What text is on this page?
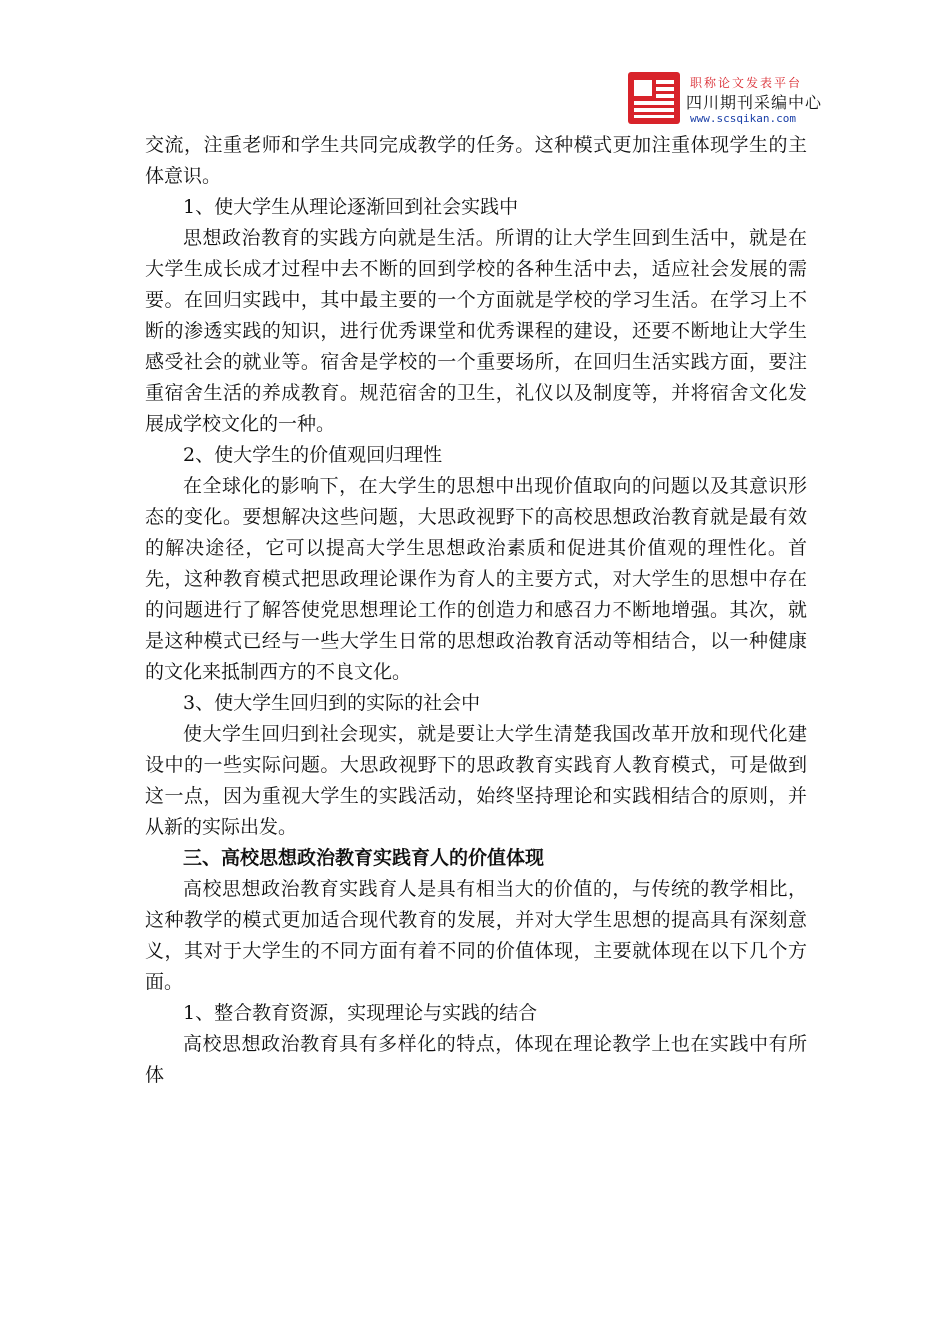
职称论文发表平台
四川期刊采编中心
www.scsqikan.com

交流，注重老师和学生共同完成教学的任务。这种模式更加注重体现学生的主体意识。

1、使大学生从理论逐渐回到社会实践中

思想政治教育的实践方向就是生活。所谓的让大学生回到生活中，就是在大学生成长成才过程中去不断的回到学校的各种生活中去，适应社会发展的需要。在回归实践中，其中最主要的一个方面就是学校的学习生活。在学习上不断的渗透实践的知识，进行优秀课堂和优秀课程的建设，还要不断地让大学生感受社会的就业等。宿舍是学校的一个重要场所，在回归生活实践方面，要注重宿舍生活的养成教育。规范宿舍的卫生，礼仪以及制度等，并将宿舍文化发展成学校文化的一种。

2、使大学生的价值观回归理性

在全球化的影响下，在大学生的思想中出现价值取向的问题以及其意识形态的变化。要想解决这些问题，大思政视野下的高校思想政治教育就是最有效的解决途径，它可以提高大学生思想政治素质和促进其价值观的理性化。首先，这种教育模式把思政理论课作为育人的主要方式，对大学生的思想中存在的问题进行了解答使党思想理论工作的创造力和感召力不断地增强。其次，就是这种模式已经与一些大学生日常的思想政治教育活动等相结合，以一种健康的文化来抵制西方的不良文化。

3、使大学生回归到的实际的社会中

使大学生回归到社会现实，就是要让大学生清楚我国改革开放和现代化建设中的一些实际问题。大思政视野下的思政教育实践育人教育模式，可是做到这一点，因为重视大学生的实践活动，始终坚持理论和实践相结合的原则，并从新的实际出发。

三、高校思想政治教育实践育人的价值体现

高校思想政治教育实践育人是具有相当大的价值的，与传统的教学相比，这种教学的模式更加适合现代教育的发展，并对大学生思想的提高具有深刻意义，其对于大学生的不同方面有着不同的价值体现，主要就体现在以下几个方面。

1、整合教育资源，实现理论与实践的结合

高校思想政治教育具有多样化的特点，体现在理论教学上也在实践中有所体
